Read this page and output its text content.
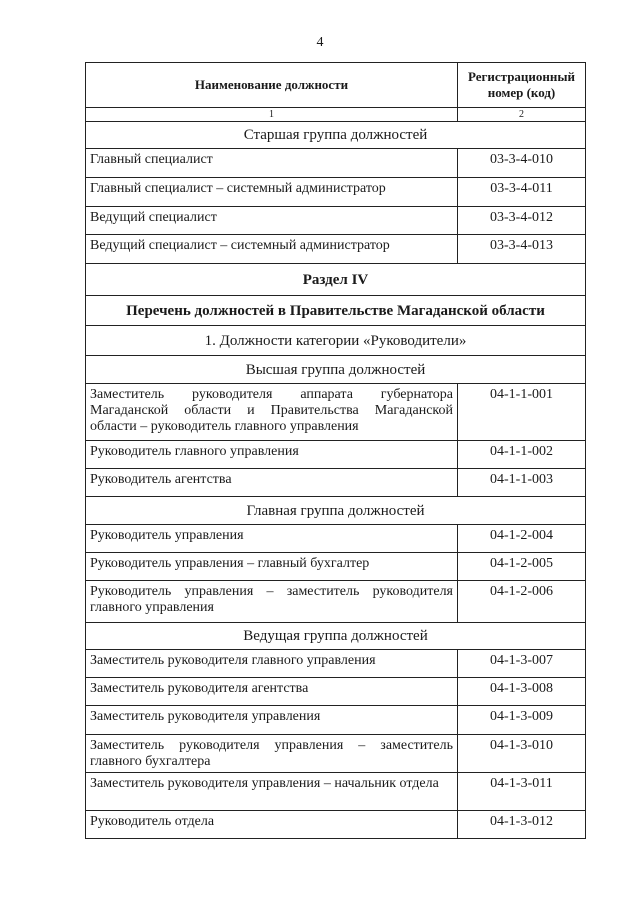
4
Наименование должности	Регистрационный номер (код)
1	2
Старшая группа должностей	
Главный специалист	03-3-4-010
Главный специалист – системный администратор	03-3-4-011
Ведущий специалист	03-3-4-012
Ведущий специалист – системный администратор	03-3-4-013
Раздел IV	
Перечень должностей в Правительстве Магаданской области	
1. Должности категории «Руководители»	
Высшая группа должностей	
Заместитель руководителя аппарата губернатора Магаданской области и Правительства Магаданской области – руководитель главного управления	04-1-1-001
Руководитель главного управления	04-1-1-002
Руководитель агентства	04-1-1-003
Главная группа должностей	
Руководитель управления	04-1-2-004
Руководитель управления – главный бухгалтер	04-1-2-005
Руководитель управления – заместитель руководителя главного управления	04-1-2-006
Ведущая группа должностей	
Заместитель руководителя главного управления	04-1-3-007
Заместитель руководителя агентства	04-1-3-008
Заместитель руководителя управления	04-1-3-009
Заместитель руководителя управления – заместитель главного бухгалтера	04-1-3-010
Заместитель руководителя управления – начальник отдела	04-1-3-011
Руководитель отдела	04-1-3-012
